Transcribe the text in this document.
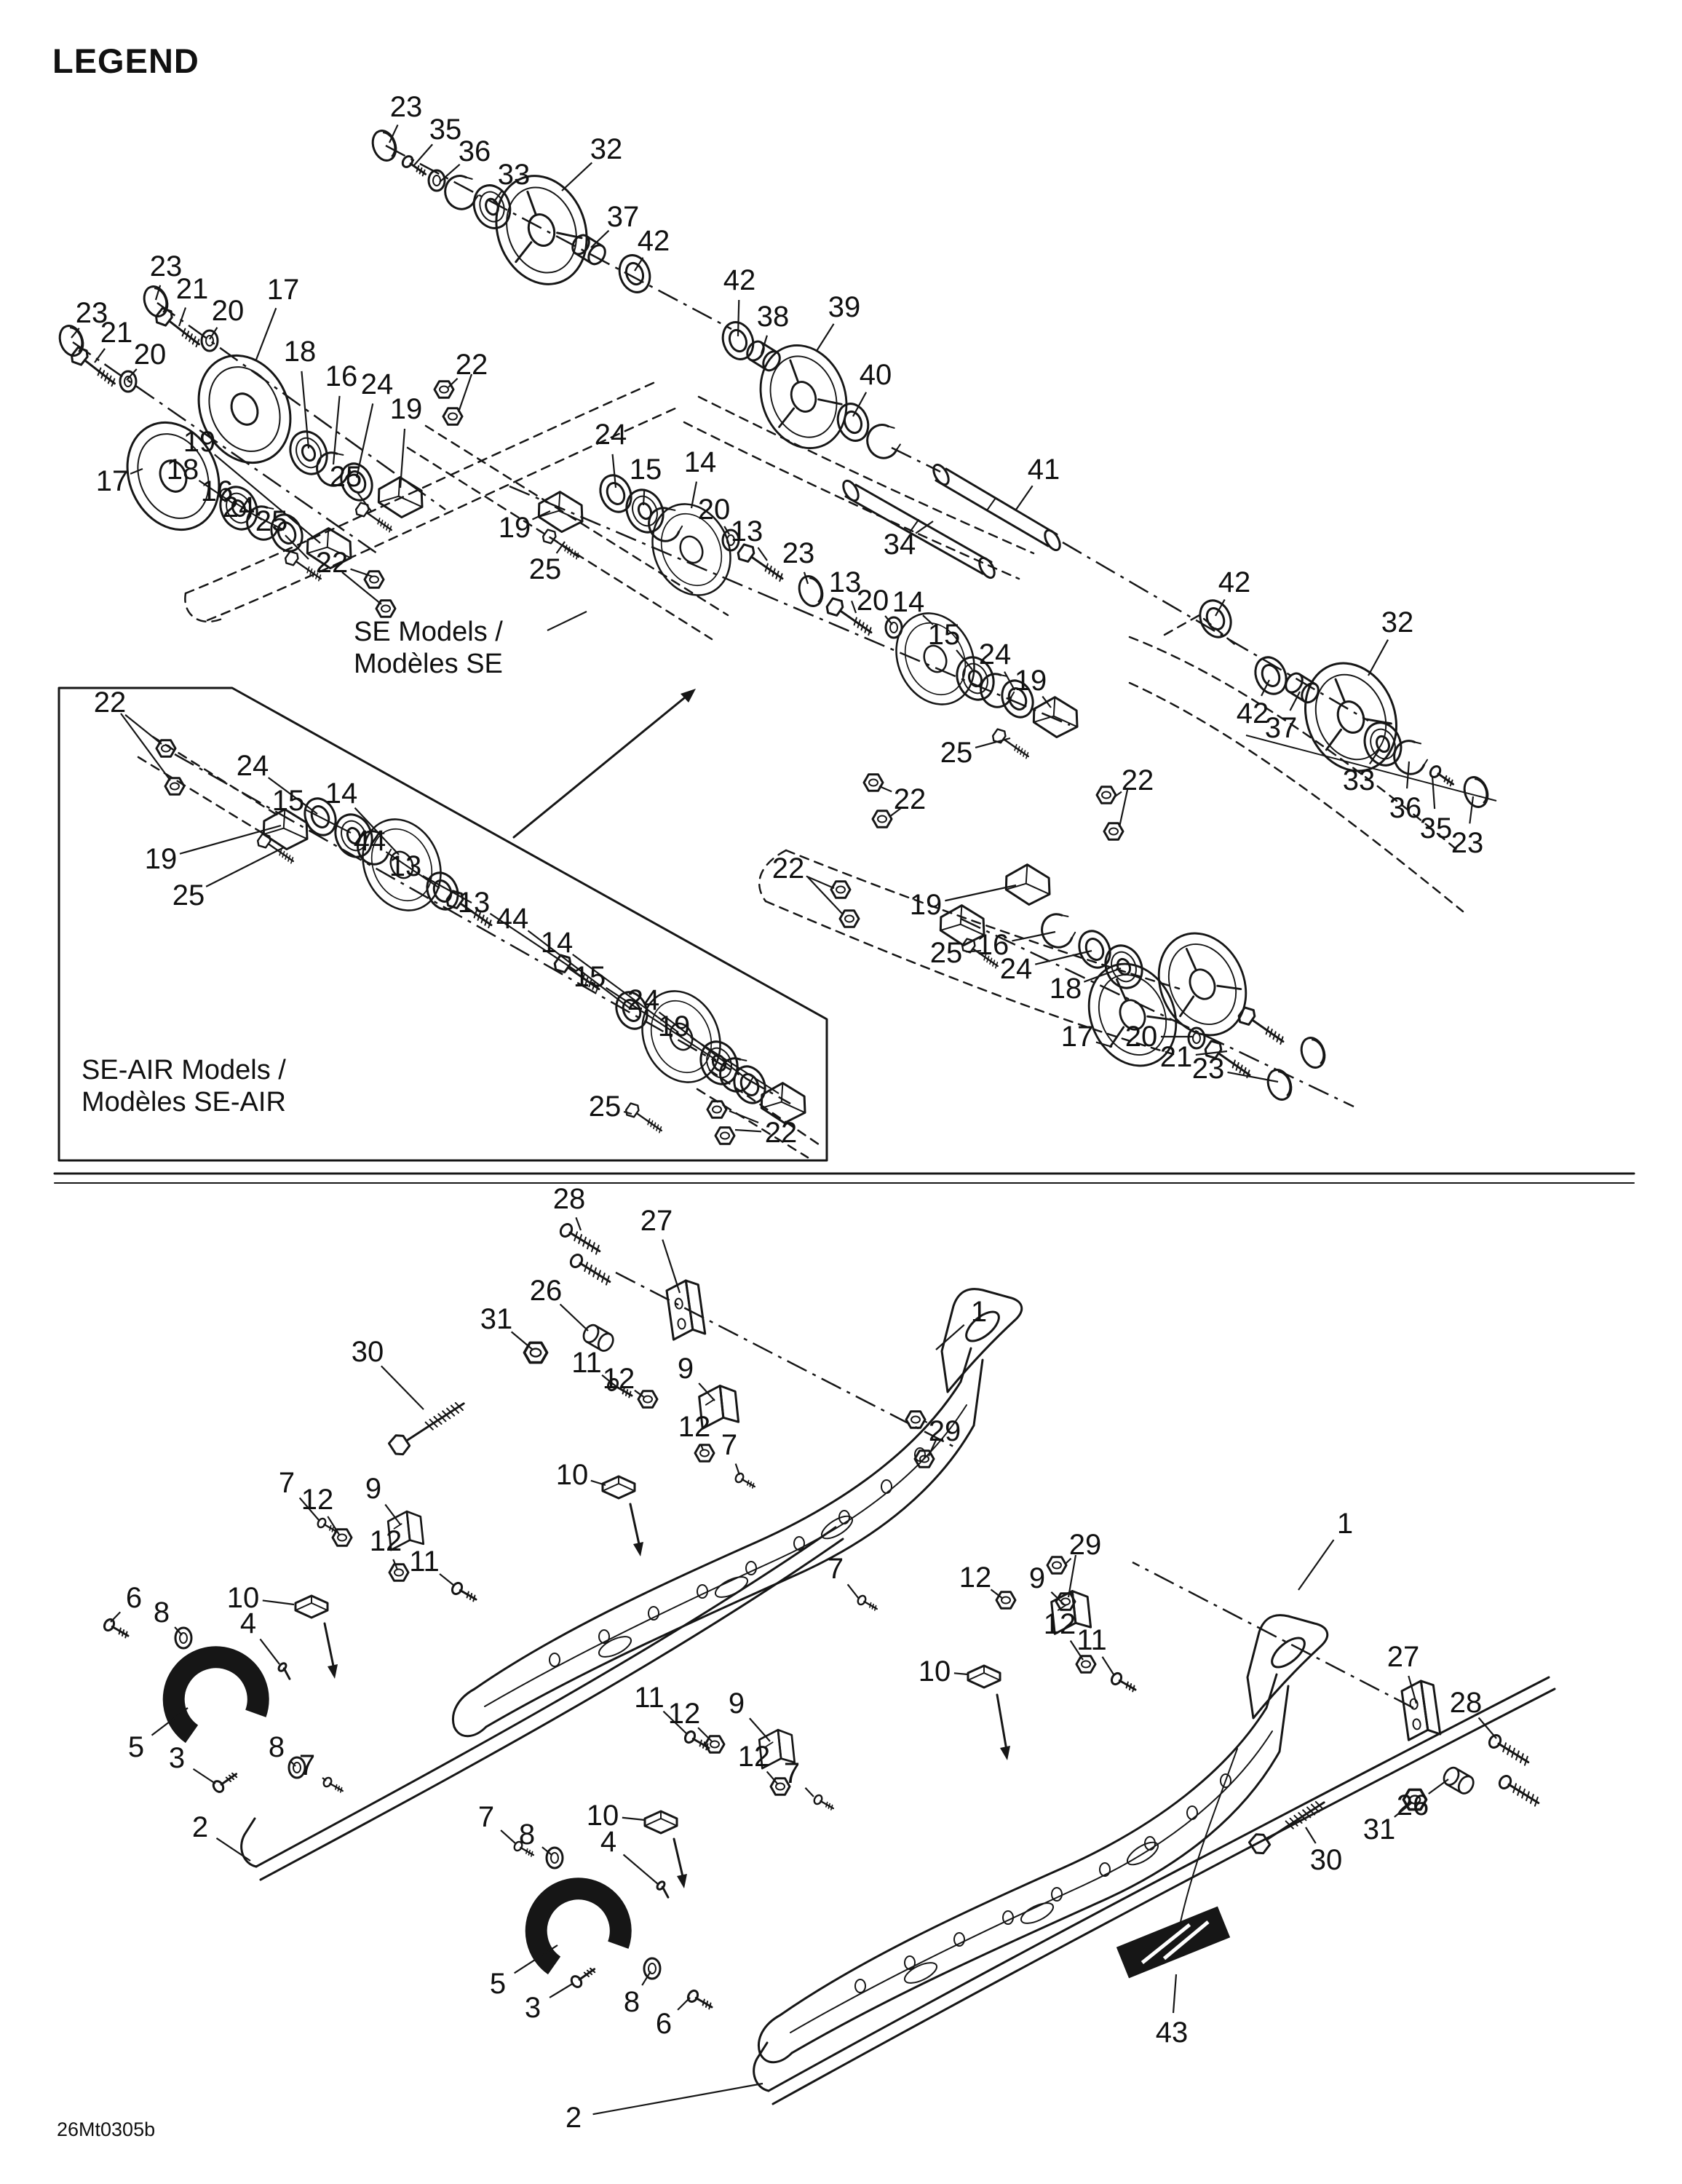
LEGEND
SE Models /
Modèles SE
SE-AIR Models /
Modèles SE-AIR
26Mt0305b
23
35
36
33
32
37
42
42
38 39
40
41
34
23
21
20
17
18
16 24
19
25
23
21
20
17
19
18
16
24 25
22
22
24
15 14
19
25
20
13
23
13
20 14
15
24
19
25
42
32
42
37
33
36
35
23
22
22
22
19
25 16
24
18
17 20
21 23
22
24
15 14
19
25
44
13
13 44
14
15
24
19
25
22
28
27
26
31
30	11 12 9
12
7
10
1
29
7
12 9
12
11
10
4
6 8
5 3	8
7
2
7	12 9
12 11
29
1
10
11 12 9
12
7
10
4
8
7
5
3	8
6
2
27
28
26
31
30
43
